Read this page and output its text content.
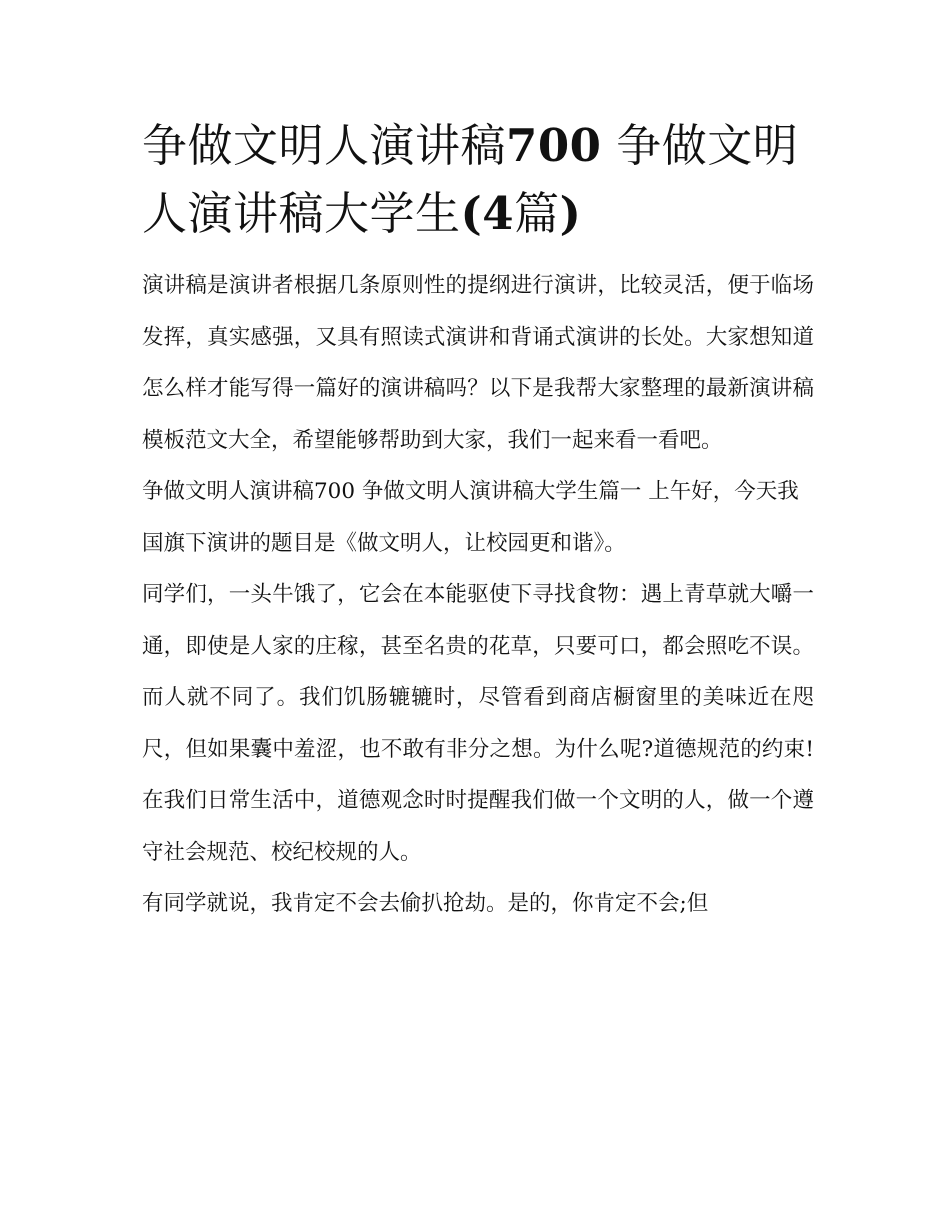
争做文明人演讲稿700 争做文明人演讲稿大学生(4篇)

演讲稿是演讲者根据几条原则性的提纲进行演讲，比较灵活，便于临场发挥，真实感强，又具有照读式演讲和背诵式演讲的长处。大家想知道怎么样才能写得一篇好的演讲稿吗？以下是我帮大家整理的最新演讲稿模板范文大全，希望能够帮助到大家，我们一起来看一看吧。

争做文明人演讲稿700 争做文明人演讲稿大学生篇一 上午好，今天我国旗下演讲的题目是《做文明人，让校园更和谐》。

同学们，一头牛饿了，它会在本能驱使下寻找食物：遇上青草就大嚼一通，即使是人家的庄稼，甚至名贵的花草，只要可口，都会照吃不误。而人就不同了。我们饥肠辘辘时，尽管看到商店橱窗里的美味近在咫尺，但如果囊中羞涩，也不敢有非分之想。为什么呢?道德规范的约束!在我们日常生活中，道德观念时时提醒我们做一个文明的人，做一个遵守社会规范、校纪校规的人。

有同学就说，我肯定不会去偷扒抢劫。是的，你肯定不会;但
